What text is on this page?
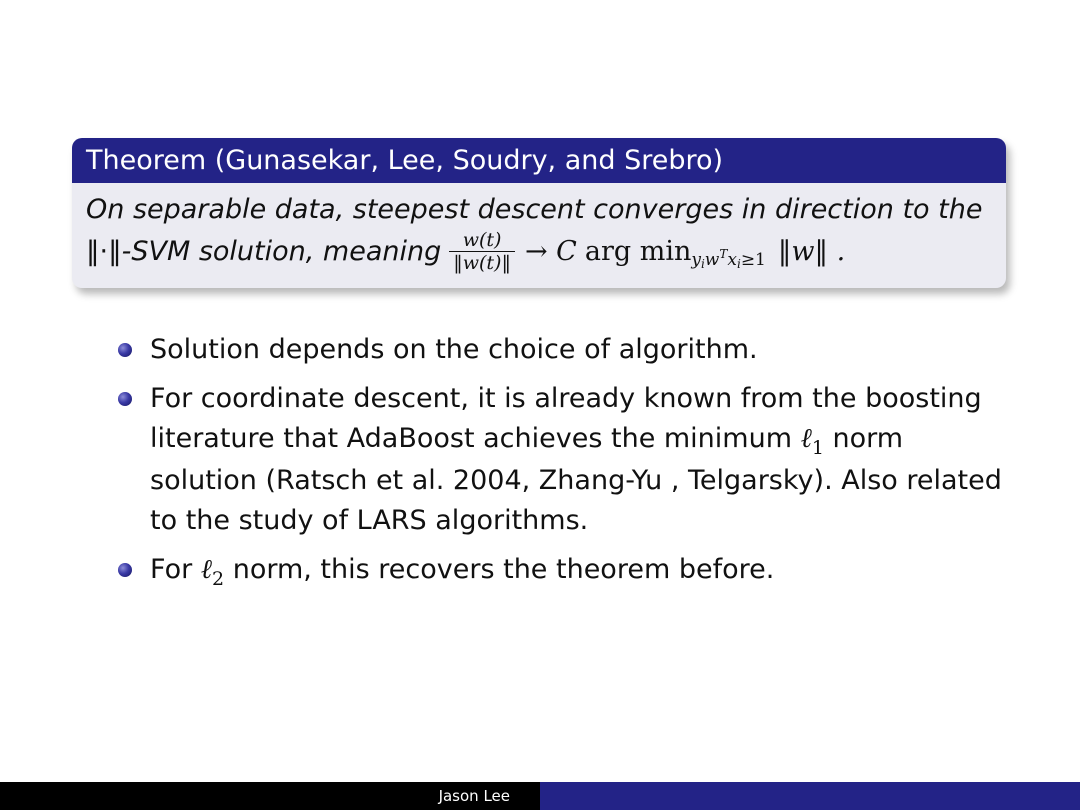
Theorem (Gunasekar, Lee, Soudry, and Srebro)
On separable data, steepest descent converges in direction to the
‖·‖ -SVM solution, meaning $\frac{w(t)}{‖w(t)‖} \to C$ arg min yiw$^T$xi≥1 ‖w‖ .
Solution depends on the choice of algorithm.
For coordinate descent, it is already known from the boosting literature that AdaBoost achieves the minimum ℓ$_1$ norm solution (Ratsch et al. 2004, Zhang-Yu , Telgarsky). Also related to the study of LARS algorithms.
For ℓ$_2$ norm, this recovers the theorem before.
Jason Lee
